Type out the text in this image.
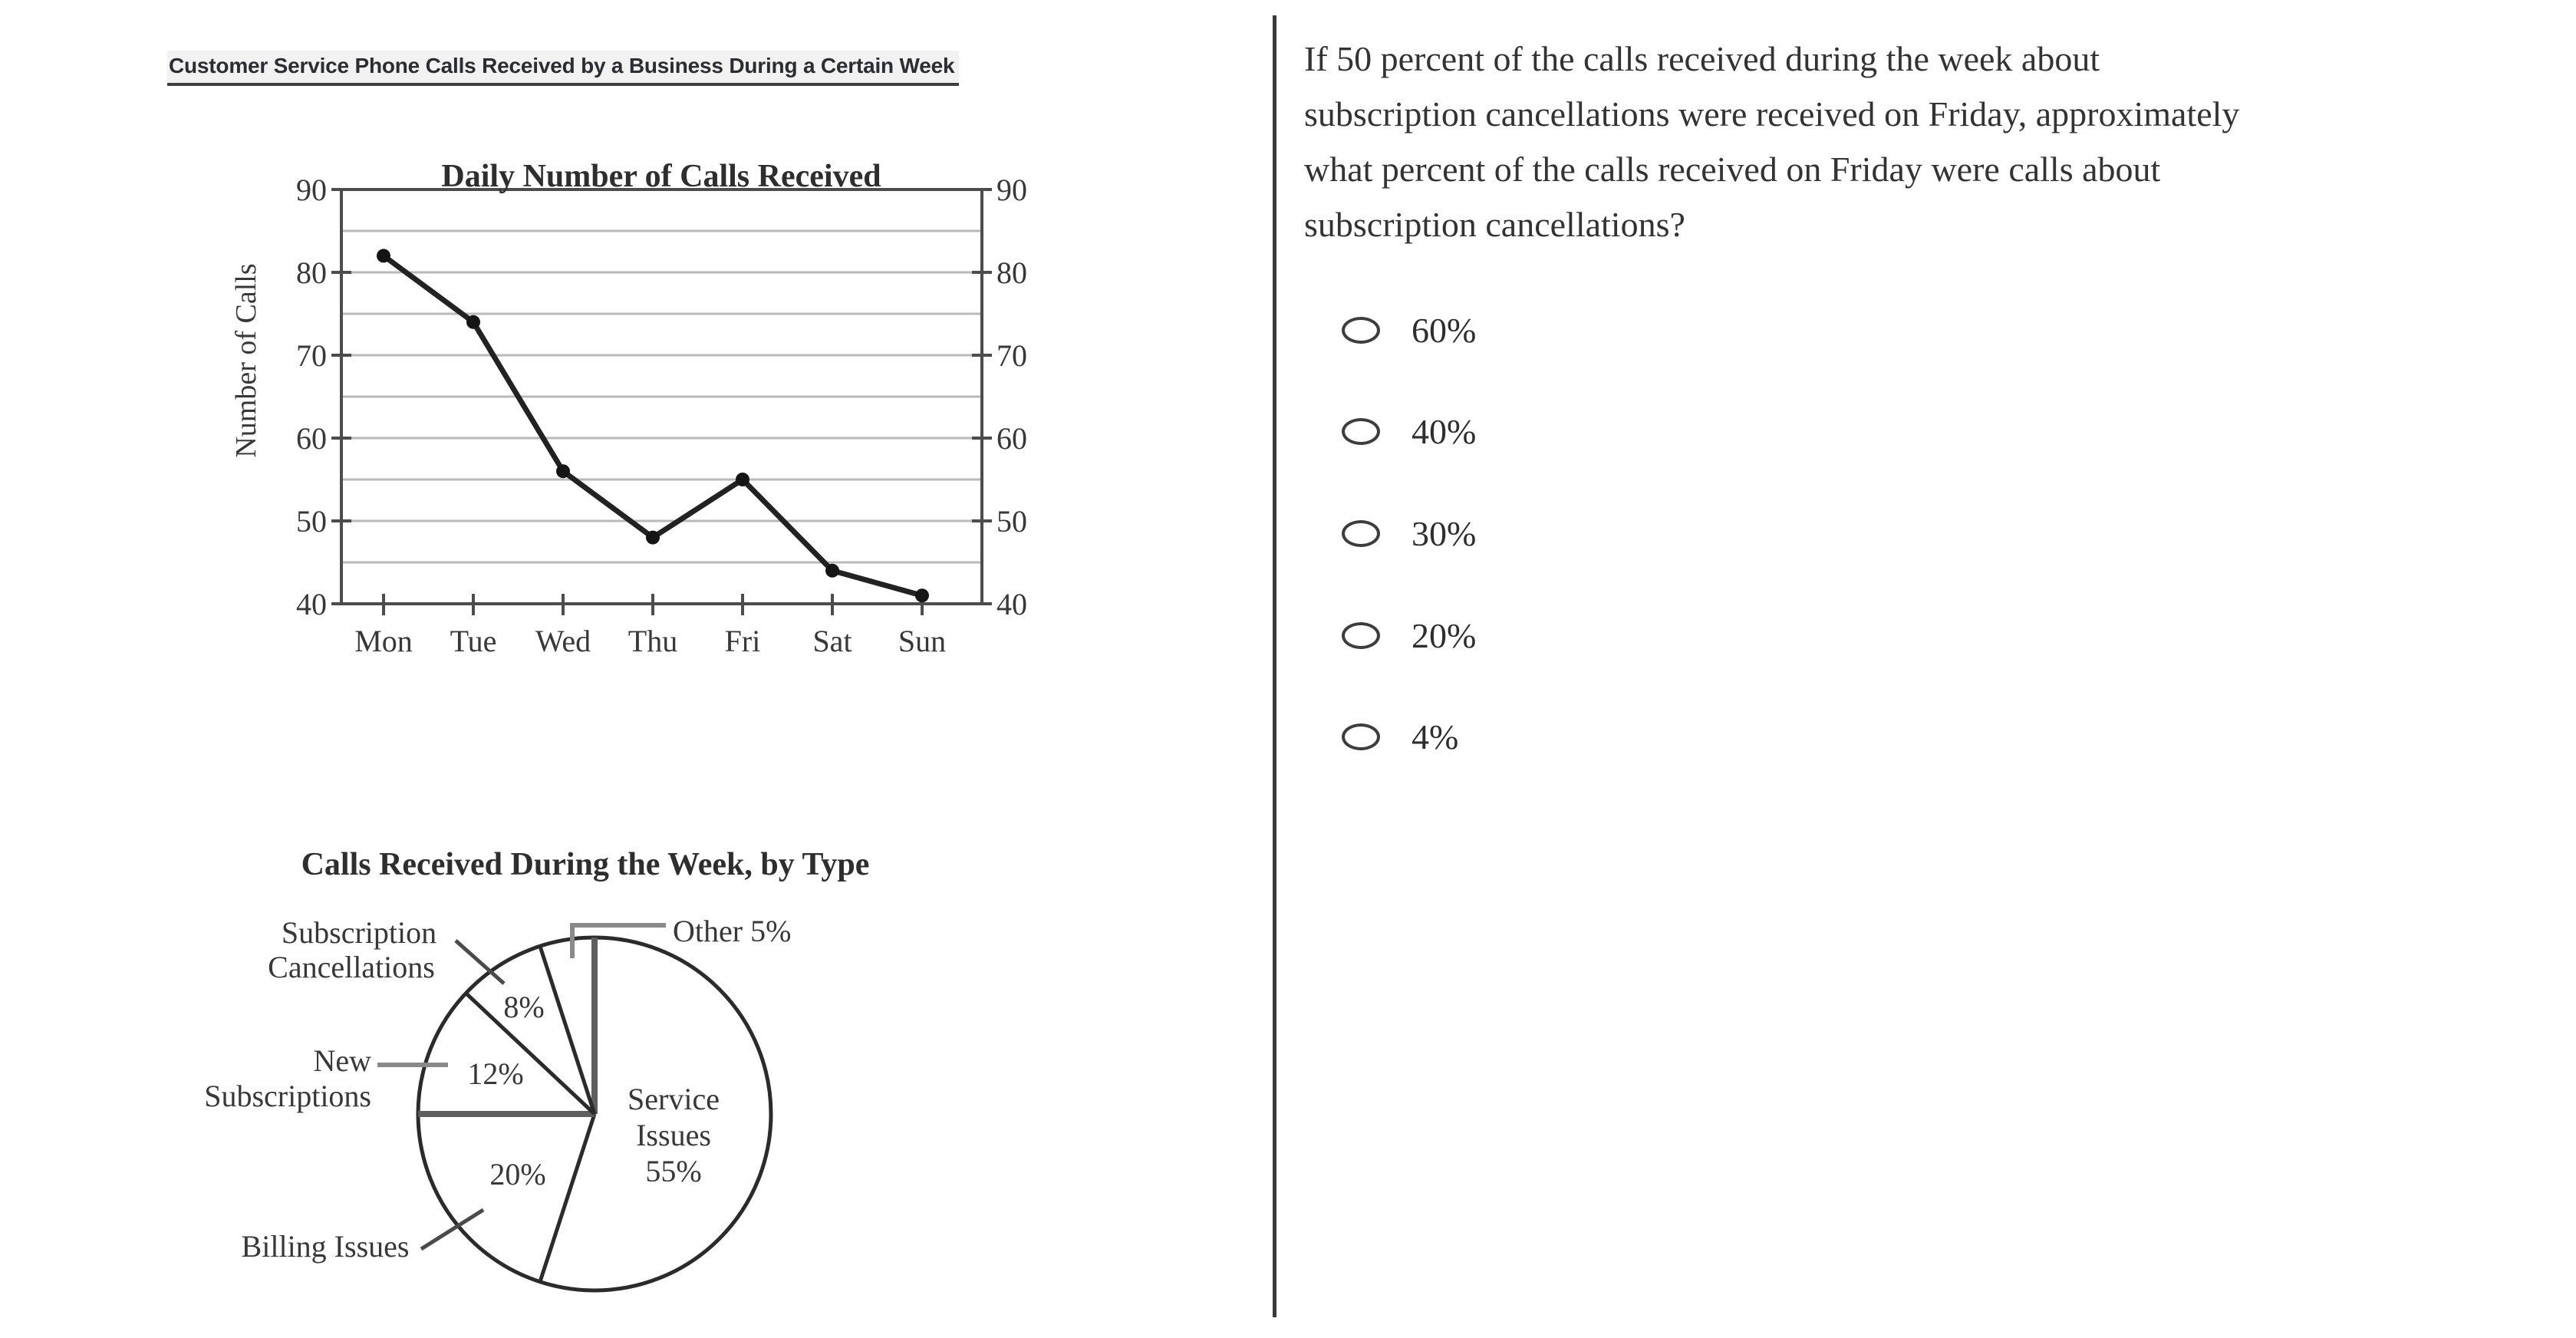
Customer Service Phone Calls Received by a Business During a Certain Week
40	40
50	50
60	60
70	70
80	80
90	90
Mon Tue Wed Thu Fri Sat Sun
Daily Number of Calls Received
Number of Calls
Calls Received During the Week, by Type
Subscription
Cancellations
New
Subscriptions
Billing Issues
Other 5%
8%
12%
20%
Service
Issues
55%
If 50 percent of the calls received during the week about
subscription cancellations were received on Friday, approximately
what percent of the calls received on Friday were calls about
subscription cancellations?
60%
40%
30%
20%
4%
